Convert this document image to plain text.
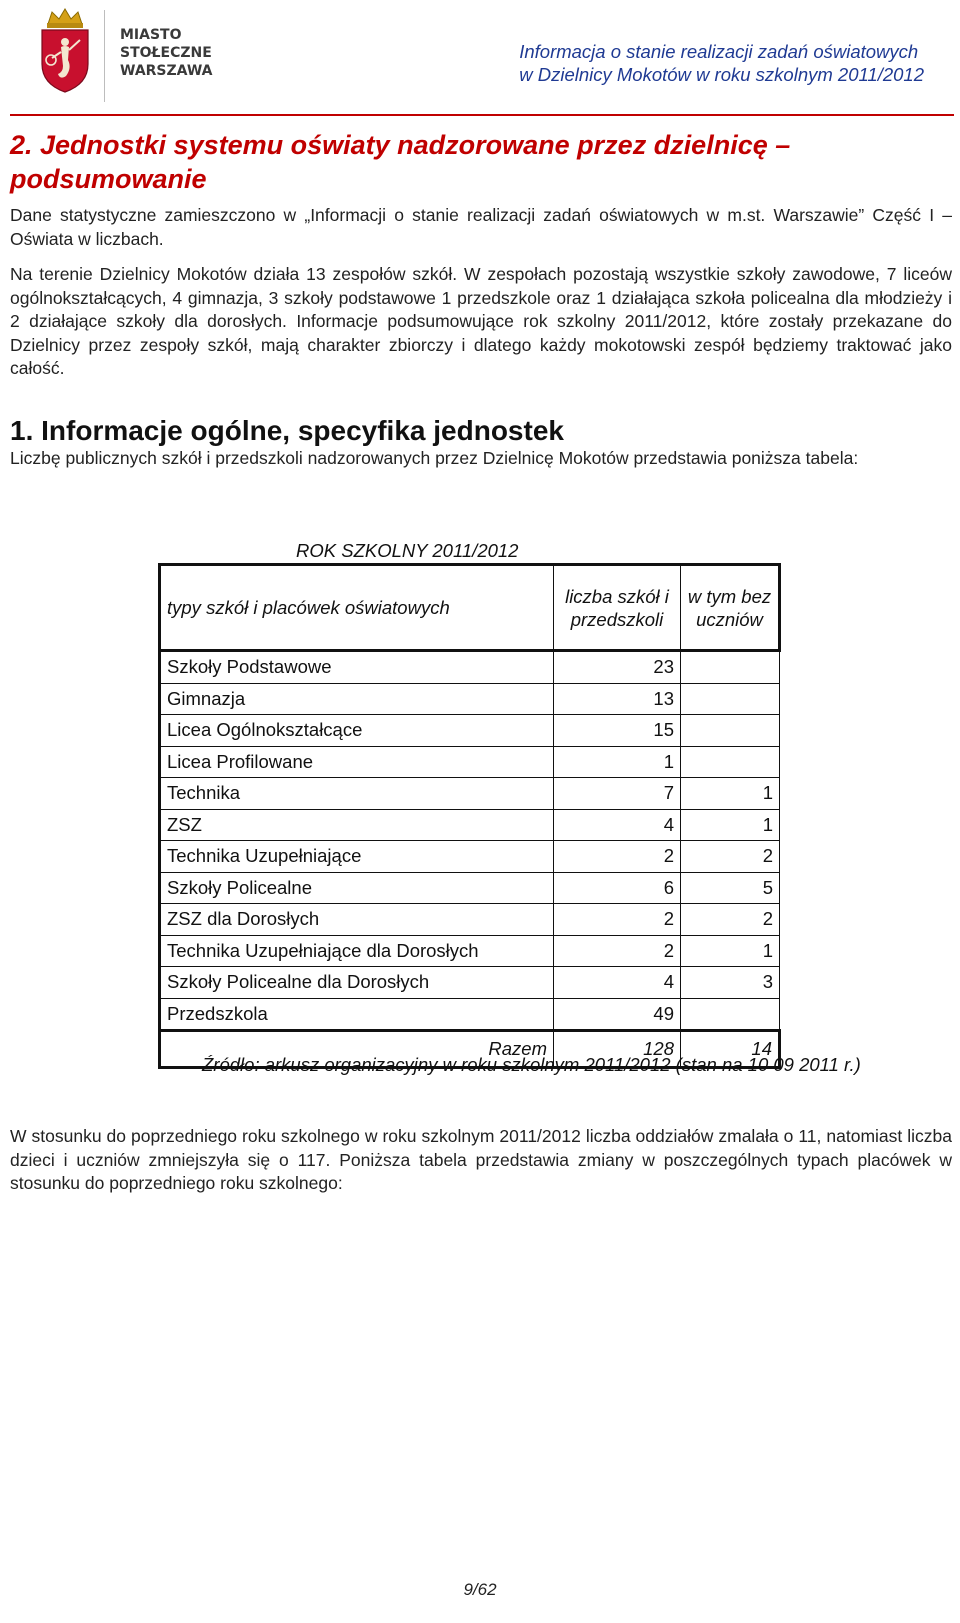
MIASTO
STOŁECZNE
WARSZAWA
Informacja o stanie realizacji zadań oświatowych
w Dzielnicy Mokotów w roku szkolnym 2011/2012
2. Jednostki systemu oświaty nadzorowane przez dzielnicę – podsumowanie
Dane statystyczne zamieszczono w „Informacji o stanie realizacji zadań oświatowych w m.st. Warszawie” Część I – Oświata w liczbach.
Na terenie Dzielnicy Mokotów działa 13 zespołów szkół. W zespołach pozostają wszystkie szkoły zawodowe, 7 liceów ogólnokształcących, 4 gimnazja, 3 szkoły podstawowe 1 przedszkole oraz 1 działająca szkoła policealna dla młodzieży i 2 działające szkoły dla dorosłych. Informacje podsumowujące rok szkolny 2011/2012, które zostały przekazane do Dzielnicy przez zespoły szkół, mają charakter zbiorczy i dlatego każdy mokotowski zespół będziemy traktować jako całość.
1. Informacje ogólne, specyfika jednostek
Liczbę publicznych szkół i przedszkoli nadzorowanych przez Dzielnicę Mokotów przedstawia poniższa tabela:
ROK SZKOLNY 2011/2012
typy szkół i placówek oświatowych	liczba szkół i przedszkoli	w tym bez uczniów
Szkoły Podstawowe	23	
Gimnazja	13	
Licea Ogólnokształcące	15	
Licea Profilowane	1	
Technika	7	1
ZSZ	4	1
Technika Uzupełniające	2	2
Szkoły Policealne	6	5
ZSZ dla Dorosłych	2	2
Technika Uzupełniające dla Dorosłych	2	1
Szkoły Policealne dla Dorosłych	4	3
Przedszkola	49	
Razem	128	14
Źródło: arkusz organizacyjny w roku szkolnym 2011/2012 (stan na 10 09 2011 r.)
W stosunku do poprzedniego roku szkolnego w roku szkolnym 2011/2012 liczba oddziałów zmalała o 11, natomiast liczba dzieci i uczniów zmniejszyła się o 117. Poniższa tabela przedstawia zmiany w poszczególnych typach placówek w stosunku do poprzedniego roku szkolnego:
9/62
